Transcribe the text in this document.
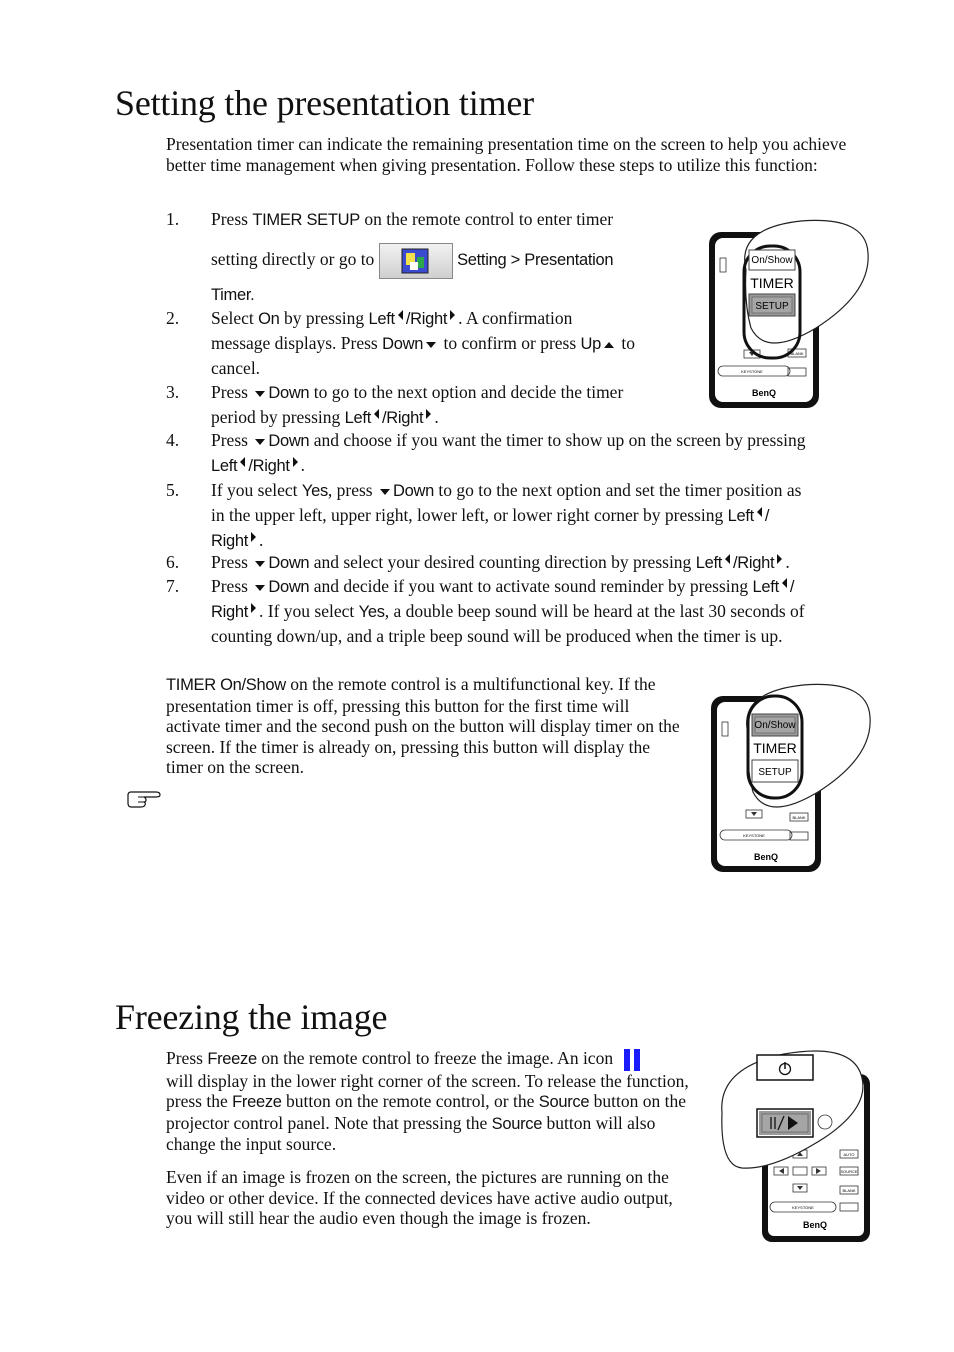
Setting the presentation timer

Presentation timer can indicate the remaining presentation time on the screen to help you achieve better time management when giving presentation. Follow these steps to utilize this function:

1. Press TIMER SETUP on the remote control to enter timer
setting directly or go to	Setting > Presentation
Timer.
2. Select On by pressing Left /Right . A confirmation
message displays. Press Down to confirm or press Up to
cancel.
3. Press Down to go to the next option and decide the timer
period by pressing Left /Right .
4. Press Down and choose if you want the timer to show up on the screen by pressing
Left /Right .
5. If you select Yes, press Down to go to the next option and set the timer position as
in the upper left, upper right, lower left, or lower right corner by pressing Left /
Right .
6. Press Down and select your desired counting direction by pressing Left /Right .
7. Press Down and decide if you want to activate sound reminder by pressing Left /
Right . If you select Yes, a double beep sound will be heard at the last 30 seconds of
counting down/up, and a triple beep sound will be produced when the timer is up.

TIMER On/Show on the remote control is a multifunctional key. If the presentation timer is off, pressing this button for the first time will activate timer and the second push on the button will display timer on the screen. If the timer is already on, pressing this button will display the timer on the screen.

BLANK
KEYSTONE
BenQ
On/Show
TIMER
SETUP
BLANK
KEYSTONE
BenQ
On/Show
TIMER
SETUP
Freezing the image

Press Freeze on the remote control to freeze the image. An icon

will display in the lower right corner of the screen. To release the function, press the Freeze button on the remote control, or the Source button on the projector control panel. Note that pressing the Source button will also change the input source.

Even if an image is frozen on the screen, the pictures are running on the video or other device. If the connected devices have active audio output, you will still hear the audio even though the image is frozen.

AUTO
SOURCE
BLANK
KEYSTONE
BenQ
